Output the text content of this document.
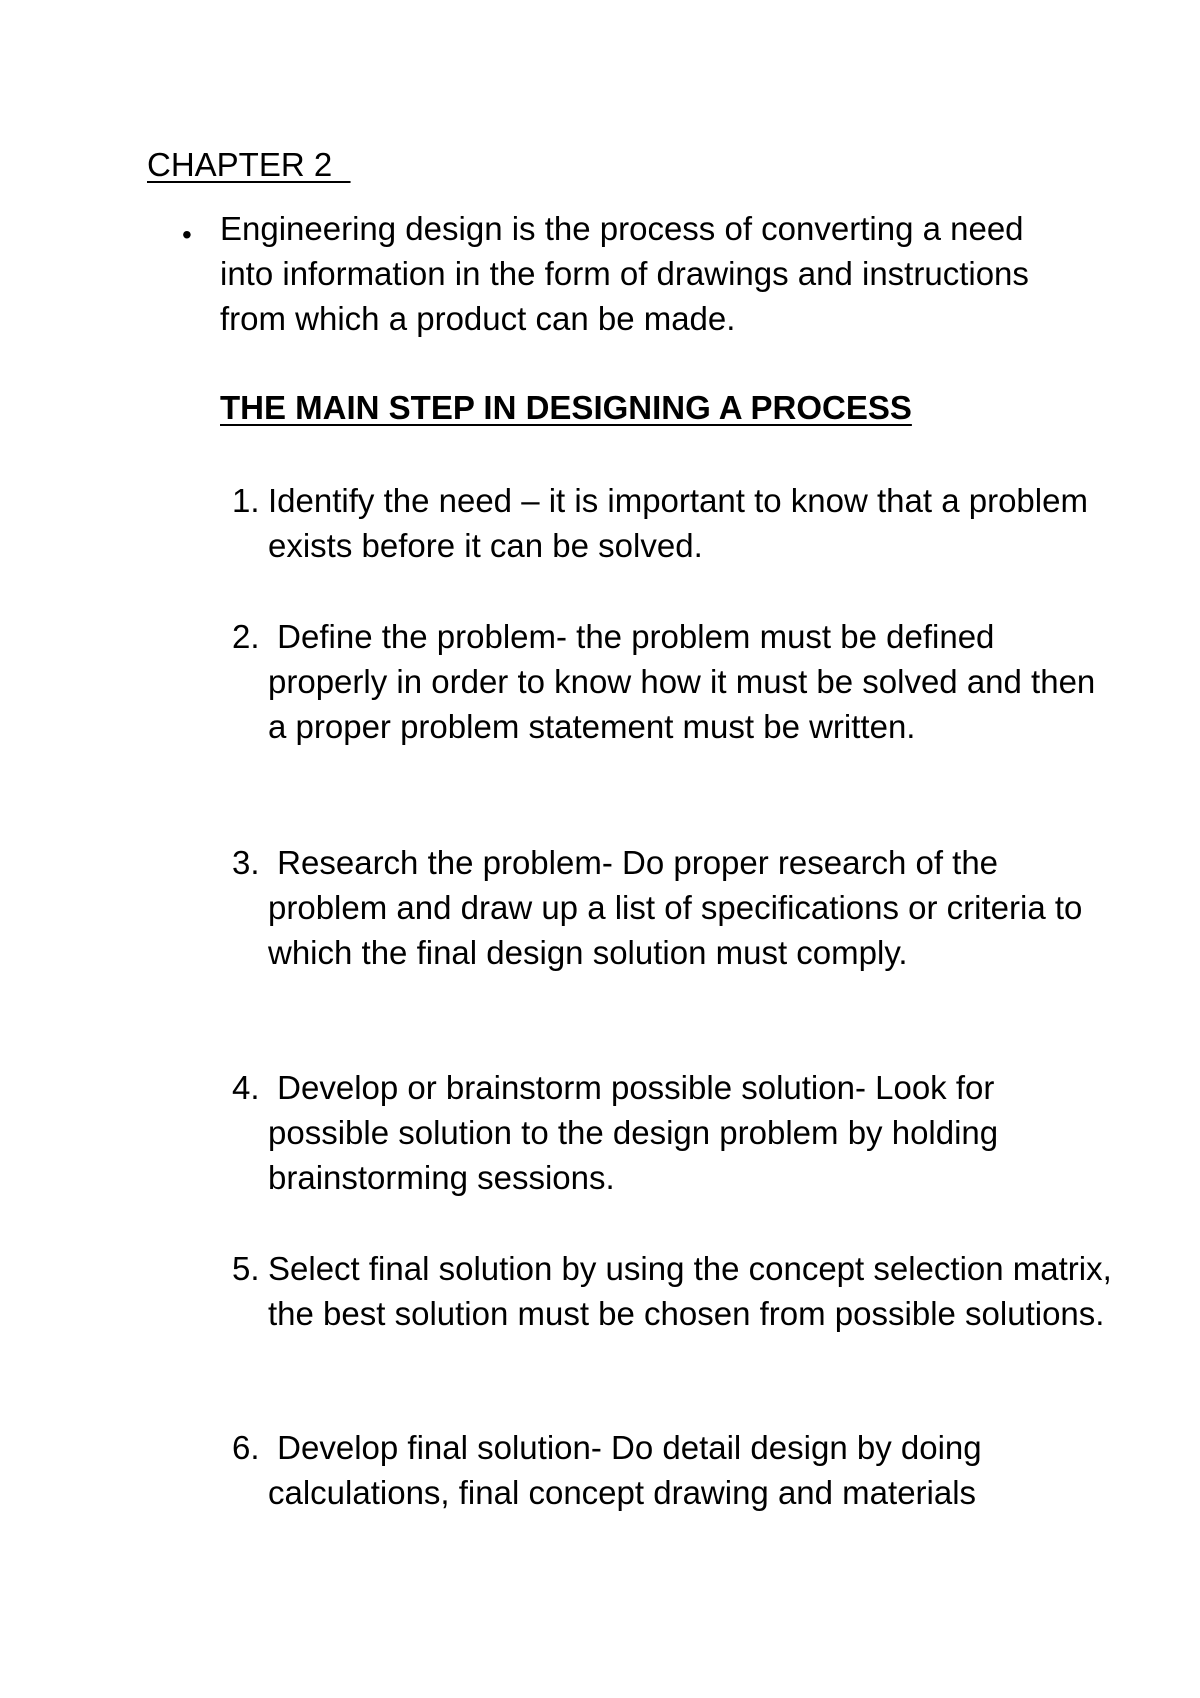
CHAPTER 2
• Engineering design is the process of converting a need into information in the form of drawings and instructions from which a product can be made.
THE MAIN STEP IN DESIGNING A PROCESS
1. Identify the need – it is important to know that a problem exists before it can be solved.
2. Define the problem- the problem must be defined properly in order to know how it must be solved and then a proper problem statement must be written.
3. Research the problem- Do proper research of the problem and draw up a list of specifications or criteria to which the final design solution must comply.
4. Develop or brainstorm possible solution- Look for possible solution to the design problem by holding brainstorming sessions.
5. Select final solution by using the concept selection matrix, the best solution must be chosen from possible solutions.
6. Develop final solution- Do detail design by doing calculations, final concept drawing and materials
